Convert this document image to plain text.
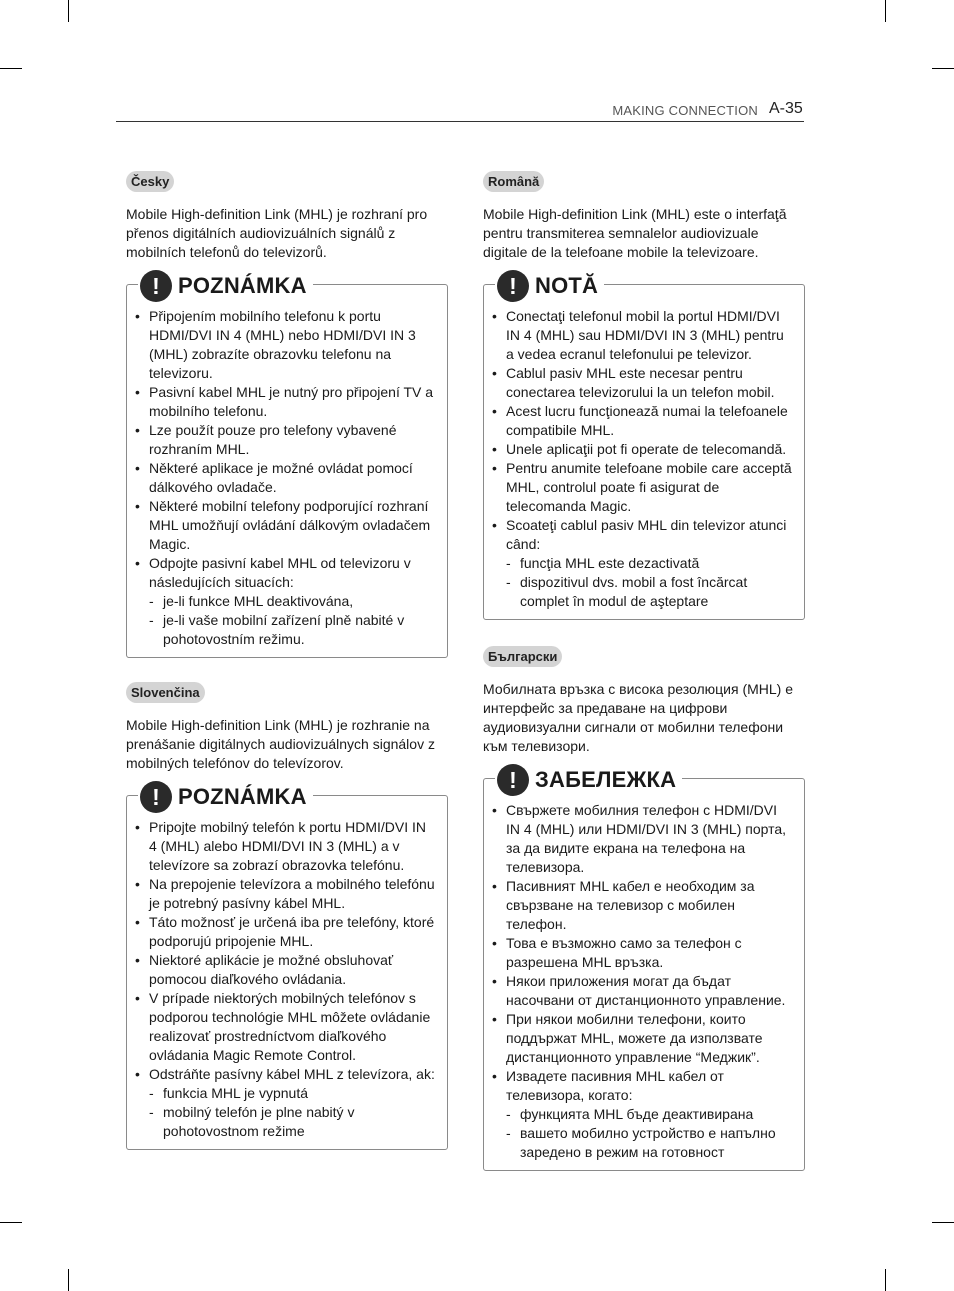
MAKING CONNECTION A-35
Česky

Mobile High-definition Link (MHL) je rozhraní pro přenos digitálních audiovizuálních signálů z mobilních telefonů do televizorů.

! POZNÁMKA
• Připojením mobilního telefonu k portu HDMI/DVI IN 4 (MHL) nebo HDMI/DVI IN 3 (MHL) zobrazíte obrazovku telefonu na televizoru.
• Pasivní kabel MHL je nutný pro připojení TV a mobilního telefonu.
• Lze použít pouze pro telefony vybavené rozhraním MHL.
• Některé aplikace je možné ovládat pomocí dálkového ovladače.
• Některé mobilní telefony podporující rozhraní MHL umožňují ovládání dálkovým ovladačem Magic.
• Odpojte pasivní kabel MHL od televizoru v následujících situacích:
- je-li funkce MHL deaktivována,
- je-li vaše mobilní zařízení plně nabité v pohotovostním režimu.
Slovenčina

Mobile High-definition Link (MHL) je rozhranie na prenášanie digitálnych audiovizuálnych signálov z mobilných telefónov do televízorov.

! POZNÁMKA
• Pripojte mobilný telefón k portu HDMI/DVI IN 4 (MHL) alebo HDMI/DVI IN 3 (MHL) a v televízore sa zobrazí obrazovka telefónu.
• Na prepojenie televízora a mobilného telefónu je potrebný pasívny kábel MHL.
• Táto možnosť je určená iba pre telefóny, ktoré podporujú pripojenie MHL.
• Niektoré aplikácie je možné obsluhovať pomocou diaľkového ovládania.
• V prípade niektorých mobilných telefónov s podporou technológie MHL môžete ovládanie realizovať prostredníctvom diaľkového ovládania Magic Remote Control.
• Odstráňte pasívny kábel MHL z televízora, ak:
- funkcia MHL je vypnutá
- mobilný telefón je plne nabitý v pohotovostnom režime
Română

Mobile High-definition Link (MHL) este o interfaţă pentru transmiterea semnalelor audiovizuale digitale de la telefoane mobile la televizoare.

! NOTĂ
• Conectaţi telefonul mobil la portul HDMI/DVI IN 4 (MHL) sau HDMI/DVI IN 3 (MHL) pentru a vedea ecranul telefonului pe televizor.
• Cablul pasiv MHL este necesar pentru conectarea televizorului la un telefon mobil.
• Acest lucru funcţionează numai la telefoanele compatibile MHL.
• Unele aplicaţii pot fi operate de telecomandă.
• Pentru anumite telefoane mobile care acceptă MHL, controlul poate fi asigurat de telecomanda Magic.
• Scoateţi cablul pasiv MHL din televizor atunci când:
- funcţia MHL este dezactivată
- dispozitivul dvs. mobil a fost încărcat complet în modul de aşteptare
Български

Мобилната връзка с висока резолюция (MHL) е интерфейс за предаване на цифрови аудиовизуални сигнали от мобилни телефони към телевизори.

! ЗАБЕЛЕЖКА
• Свържете мобилния телефон с HDMI/DVI IN 4 (MHL) или HDMI/DVI IN 3 (MHL) порта, за да видите екрана на телефона на телевизора.
• Пасивният MHL кабел е необходим за свързване на телевизор с мобилен телефон.
• Това е възможно само за телефон с разрешена MHL връзка.
• Някои приложения могат да бъдат насочвани от дистанционното управление.
• При някои мобилни телефони, които поддържат MHL, можете да използвате дистанционното управление “Меджик”.
• Извадете пасивния MHL кабел от телевизора, когато:
- функцията MHL бъде деактивирана
- вашето мобилно устройство е напълно заредено в режим на готовност
